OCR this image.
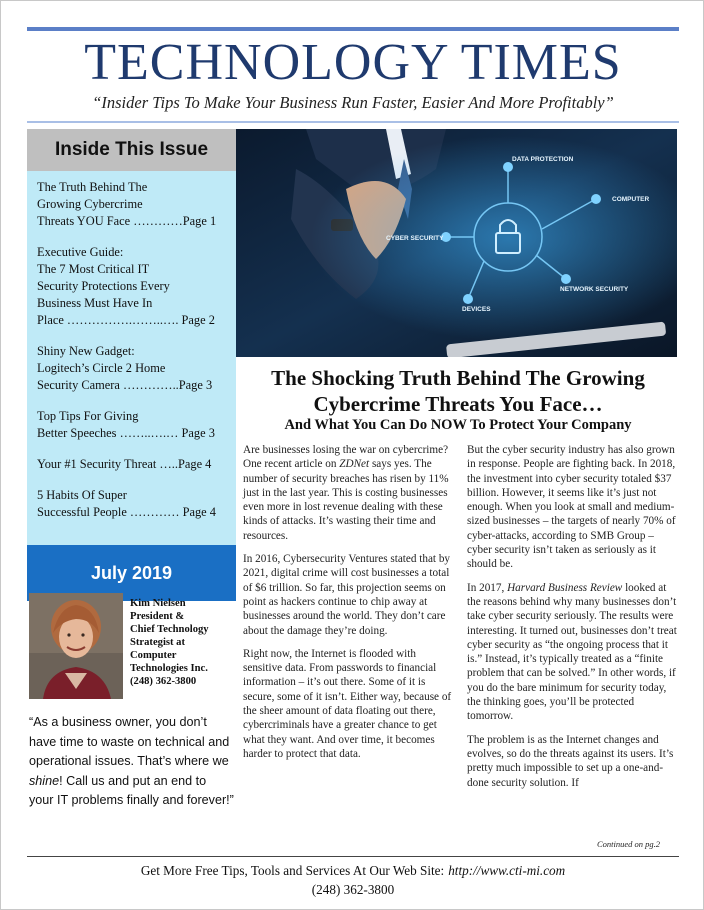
TECHNOLOGY TIMES
“Insider Tips To Make Your Business Run Faster, Easier And More Profitably”
Inside This Issue
The Truth Behind The
Growing Cybercrime
Threats YOU Face …………Page 1
Executive Guide:
The 7 Most Critical IT
Security Protections Every
Business Must Have In
Place …………….……..…. Page 2
Shiny New Gadget:
Logitech’s Circle 2 Home
Security Camera …………..Page 3
Top Tips For Giving
Better Speeches ……..….… Page 3
Your #1 Security Threat …..Page 4
5 Habits Of Super
Successful People ………… Page 4
July 2019
Kim Nielsen
President &
Chief Technology
Strategist at
Computer
Technologies Inc.
(248) 362-3800
“As a business owner, you don’t have time to waste on technical and operational issues. That’s where we shine! Call us and put an end to your IT problems finally and forever!”
DATA PROTECTION
COMPUTER
CYBER SECURITY
NETWORK SECURITY
DEVICES
The Shocking Truth Behind The Growing Cybercrime Threats You Face…
And What You Can Do NOW To Protect Your Company

Are businesses losing the war on cybercrime? One recent article on ZDNet says yes. The number of security breaches has risen by 11% just in the last year. This is costing businesses even more in lost revenue dealing with these kinds of attacks. It’s wasting their time and resources.

In 2016, Cybersecurity Ventures stated that by 2021, digital crime will cost businesses a total of $6 trillion. So far, this projection seems on point as hackers continue to chip away at businesses around the world. They don’t care about the damage they’re doing.

Right now, the Internet is flooded with sensitive data. From passwords to financial information – it’s out there. Some of it is secure, some of it isn’t. Either way, because of the sheer amount of data floating out there, cybercriminals have a greater chance to get what they want. And over time, it becomes harder to protect that data.

But the cyber security industry has also grown in response. People are fighting back. In 2018, the investment into cyber security totaled $37 billion. However, it seems like it’s just not enough. When you look at small and medium-sized businesses – the targets of nearly 70% of cyber-attacks, according to SMB Group – cyber security isn’t taken as seriously as it should be.

In 2017, Harvard Business Review looked at the reasons behind why many businesses don’t take cyber security seriously. The results were interesting. It turned out, businesses don’t treat cyber security as “the ongoing process that it is.” Instead, it’s typically treated as a “finite problem that can be solved.” In other words, if you do the bare minimum for security today, the thinking goes, you’ll be protected tomorrow.

The problem is as the Internet changes and evolves, so do the threats against its users. It’s pretty much impossible to set up a one-and-done security solution. If

Continued on pg.2
Get More Free Tips, Tools and Services At Our Web Site: http://www.cti-mi.com
(248) 362-3800
